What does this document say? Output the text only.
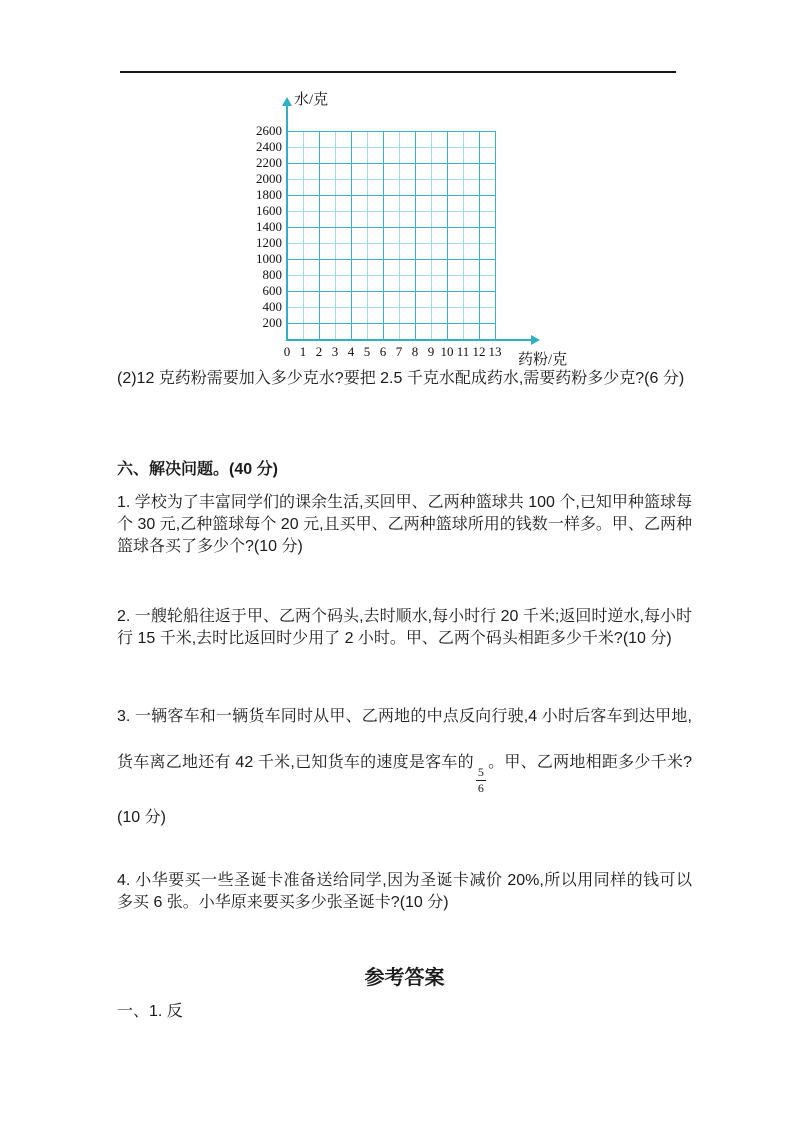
水/克
2600
2400
2200
2000
1800
1600
1400
1200
1000
800
600
400
200
0 1 2 3 4 5 6 7 8 9 10 11 12 13
药粉/克

(2)12 克药粉需要加入多少克水?要把 2.5 千克水配成药水,需要药粉多少克?(6 分)

六、解决问题。(40 分)

1. 学校为了丰富同学们的课余生活,买回甲、乙两种篮球共 100 个,已知甲种篮球每个 30 元,乙种篮球每个 20 元,且买甲、乙两种篮球所用的钱数一样多。甲、乙两种篮球各买了多少个?(10 分)

2. 一艘轮船往返于甲、乙两个码头,去时顺水,每小时行 20 千米;返回时逆水,每小时行 15 千米,去时比返回时少用了 2 小时。甲、乙两个码头相距多少千米?(10 分)

3. 一辆客车和一辆货车同时从甲、乙两地的中点反向行驶,4 小时后客车到达甲地,货车离乙地还有 42 千米,已知货车的速度是客车的
$\frac{5}{6}$
。甲、乙两地相距多少千米?(10 分)

4. 小华要买一些圣诞卡准备送给同学,因为圣诞卡减价 20%,所以用同样的钱可以多买 6 张。小华原来要买多少张圣诞卡?(10 分)

参考答案

一、1. 反
